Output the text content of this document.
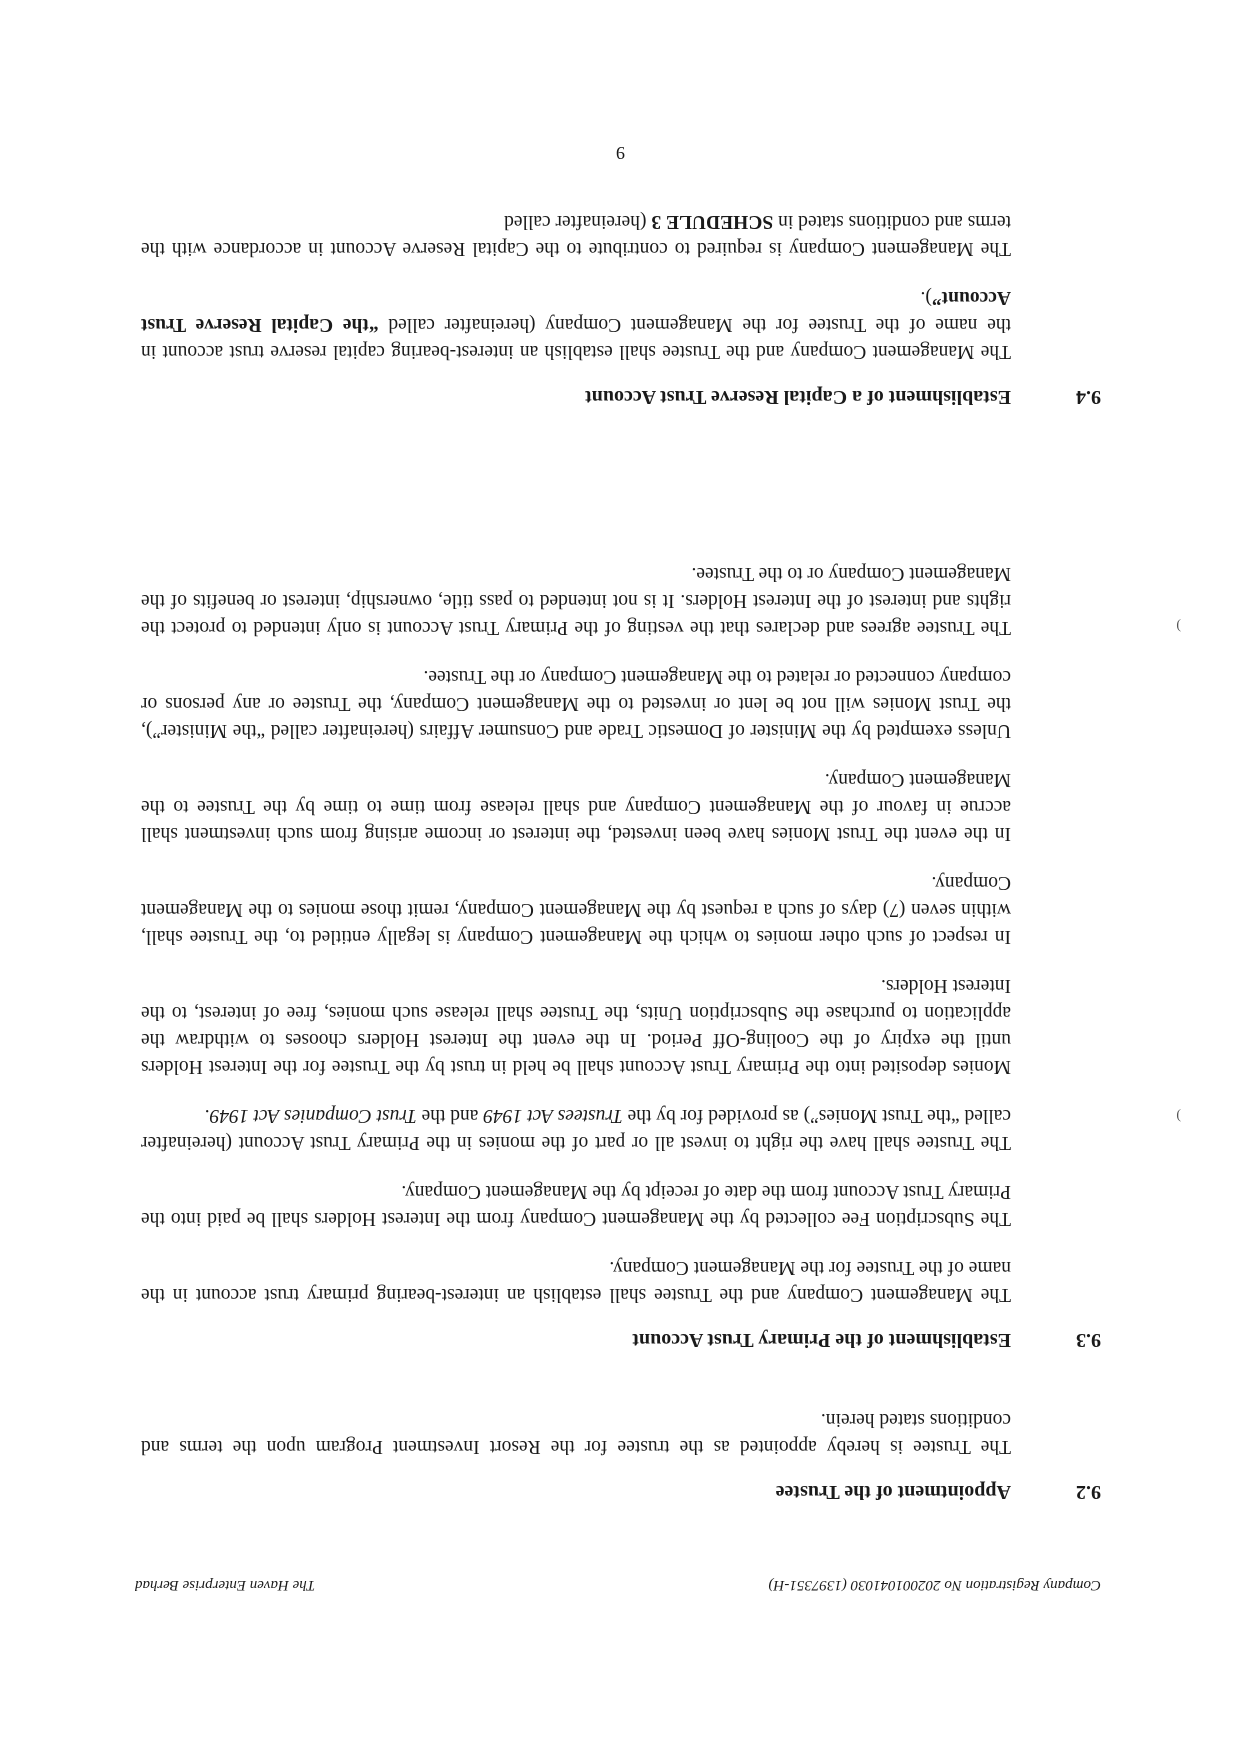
Company Registration No 202001041030 (1397351-H)
The Haven Enterprise Berhad
9.2
Appointment of the Trustee

The Trustee is hereby appointed as the trustee for the Resort Investment Program upon the terms and conditions stated herein.

9.3
Establishment of the Primary Trust Account

The Management Company and the Trustee shall establish an interest-bearing primary trust account in the name of the Trustee for the Management Company.

The Subscription Fee collected by the Management Company from the Interest Holders shall be paid into the Primary Trust Account from the date of receipt by the Management Company.

The Trustee shall have the right to invest all or part of the monies in the Primary Trust Account (hereinafter called “the Trust Monies”) as provided for by the Trustees Act 1949 and the Trust Companies Act 1949.

Monies deposited into the Primary Trust Account shall be held in trust by the Trustee for the Interest Holders until the expiry of the Cooling-Off Period. In the event the Interest Holders chooses to withdraw the application to purchase the Subscription Units, the Trustee shall release such monies, free of interest, to the Interest Holders.

In respect of such other monies to which the Management Company is legally entitled to, the Trustee shall, within seven (7) days of such a request by the Management Company, remit those monies to the Management Company.

In the event the Trust Monies have been invested, the interest or income arising from such investment shall accrue in favour of the Management Company and shall release from time to time by the Trustee to the Management Company.

Unless exempted by the Minister of Domestic Trade and Consumer Affairs (hereinafter called “the Minister”), the Trust Monies will not be lent or invested to the Management Company, the Trustee or any persons or company connected or related to the Management Company or the Trustee.

The Trustee agrees and declares that the vesting of the Primary Trust Account is only intended to protect the rights and interest of the Interest Holders. It is not intended to pass title, ownership, interest or benefits of the Management Company or to the Trustee.

9.4
Establishment of a Capital Reserve Trust Account

The Management Company and the Trustee shall establish an interest-bearing capital reserve trust account in the name of the Trustee for the Management Company (hereinafter called “the Capital Reserve Trust Account”).

The Management Company is required to contribute to the Capital Reserve Account in accordance with the terms and conditions stated in SCHEDULE 3 (hereinafter called

9
)
)
